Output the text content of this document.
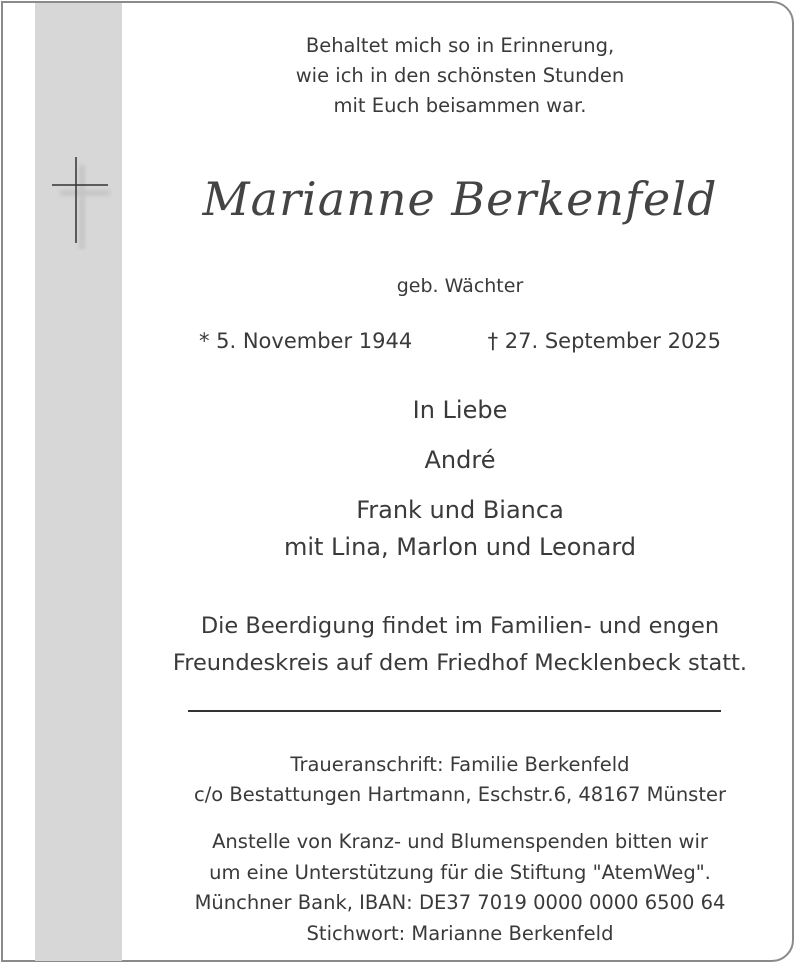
Behaltet mich so in Erinnerung,
wie ich in den schönsten Stunden
mit Euch beisammen war.
Marianne Berkenfeld
geb. Wächter
* 5. November 1944	† 27. September 2025
In Liebe
André
Frank und Bianca
mit Lina, Marlon und Leonard
Die Beerdigung findet im Familien- und engen
Freundeskreis auf dem Friedhof Mecklenbeck statt.
Traueranschrift: Familie Berkenfeld
c/o Bestattungen Hartmann, Eschstr.6, 48167 Münster
Anstelle von Kranz- und Blumenspenden bitten wir
um eine Unterstützung für die Stiftung "AtemWeg".
Münchner Bank, IBAN: DE37 7019 0000 0000 6500 64
Stichwort: Marianne Berkenfeld
